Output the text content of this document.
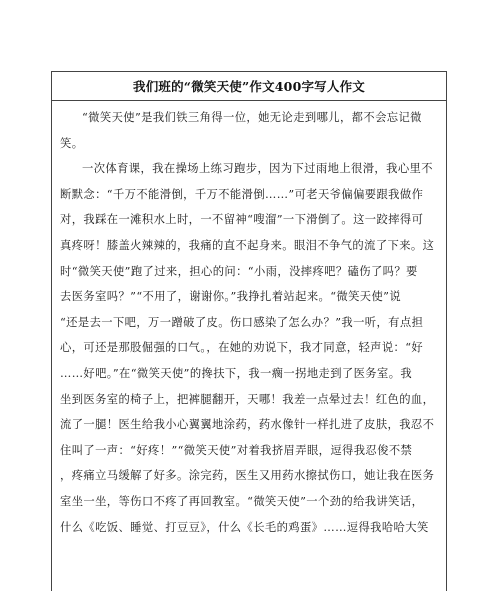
我们班的“微笑天使”作文400字写人作文
“微笑天使”是我们铁三角得一位，她无论走到哪儿，都不会忘记微
笑。
一次体育课，我在操场上练习跑步，因为下过雨地上很滑，我心里不
断默念：“千万不能滑倒，千万不能滑倒……”可老天爷偏偏要跟我做作
对，我踩在一滩积水上时，一不留神“嗖溜”一下滑倒了。这一跤摔得可
真疼呀！膝盖火辣辣的，我痛的直不起身来。眼泪不争气的流了下来。这
时“微笑天使”跑了过来，担心的问：“小雨，没摔疼吧？磕伤了吗？要
去医务室吗？”“不用了，谢谢你。”我挣扎着站起来。“微笑天使”说
“还是去一下吧，万一蹭破了皮。伤口感染了怎么办？”我一听，有点担
心，可还是那股倔强的口气。，在她的劝说下，我才同意，轻声说：“好
……好吧。”在“微笑天使”的搀扶下，我一瘸一拐地走到了医务室。我
坐到医务室的椅子上，把裤腿翻开，天哪！我差一点晕过去！红色的血，
流了一腿！医生给我小心翼翼地涂药，药水像针一样扎进了皮肤，我忍不
住叫了一声：“好疼！”“微笑天使”对着我挤眉弄眼，逗得我忍俊不禁
，疼痛立马缓解了好多。涂完药，医生又用药水擦拭伤口，她让我在医务
室坐一坐，等伤口不疼了再回教室。“微笑天使”一个劲的给我讲笑话，
什么《吃饭、睡觉、打豆豆》，什么《长毛的鸡蛋》……逗得我哈哈大笑
